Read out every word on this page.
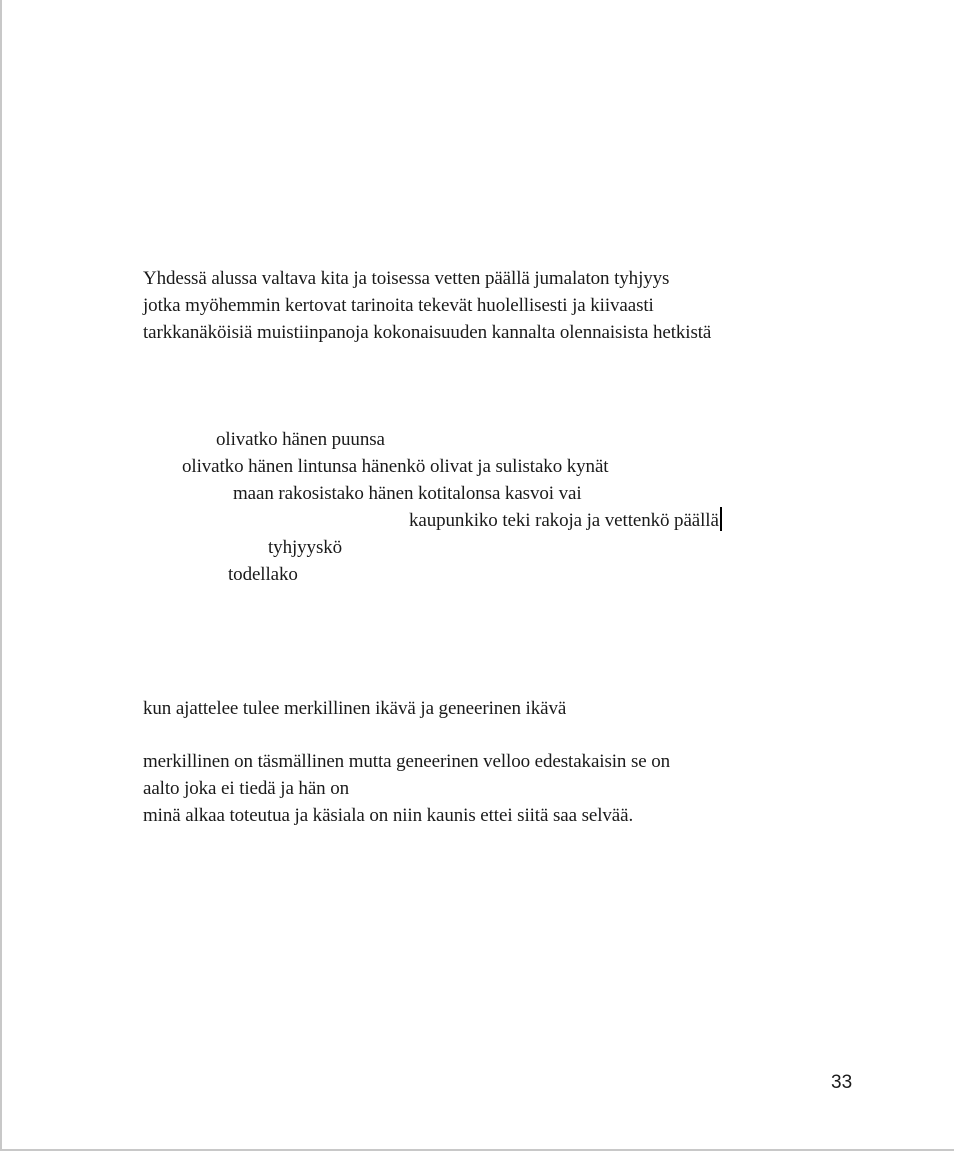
Yhdessä alussa valtava kita ja toisessa vetten päällä jumalaton tyhjyys
jotka myöhemmin kertovat tarinoita tekevät huolellisesti ja kiivaasti
tarkkanäköisiä muistiinpanoja kokonaisuuden kannalta olennaisista hetkistä
olivatko hänen puunsa
olivatko hänen lintunsa hänenkö olivat ja sulistako kynät
maan rakosistako hänen kotitalonsa kasvoi vai
kaupunkiko teki rakoja ja vettenkö päällä
tyhjyyskö
todellako
kun ajattelee tulee merkillinen ikävä ja geneerinen ikävä
merkillinen on täsmällinen mutta geneerinen velloo edestakaisin se on
aalto joka ei tiedä ja hän on
minä alkaa toteutua ja käsiala on niin kaunis ettei siitä saa selvää.
33
